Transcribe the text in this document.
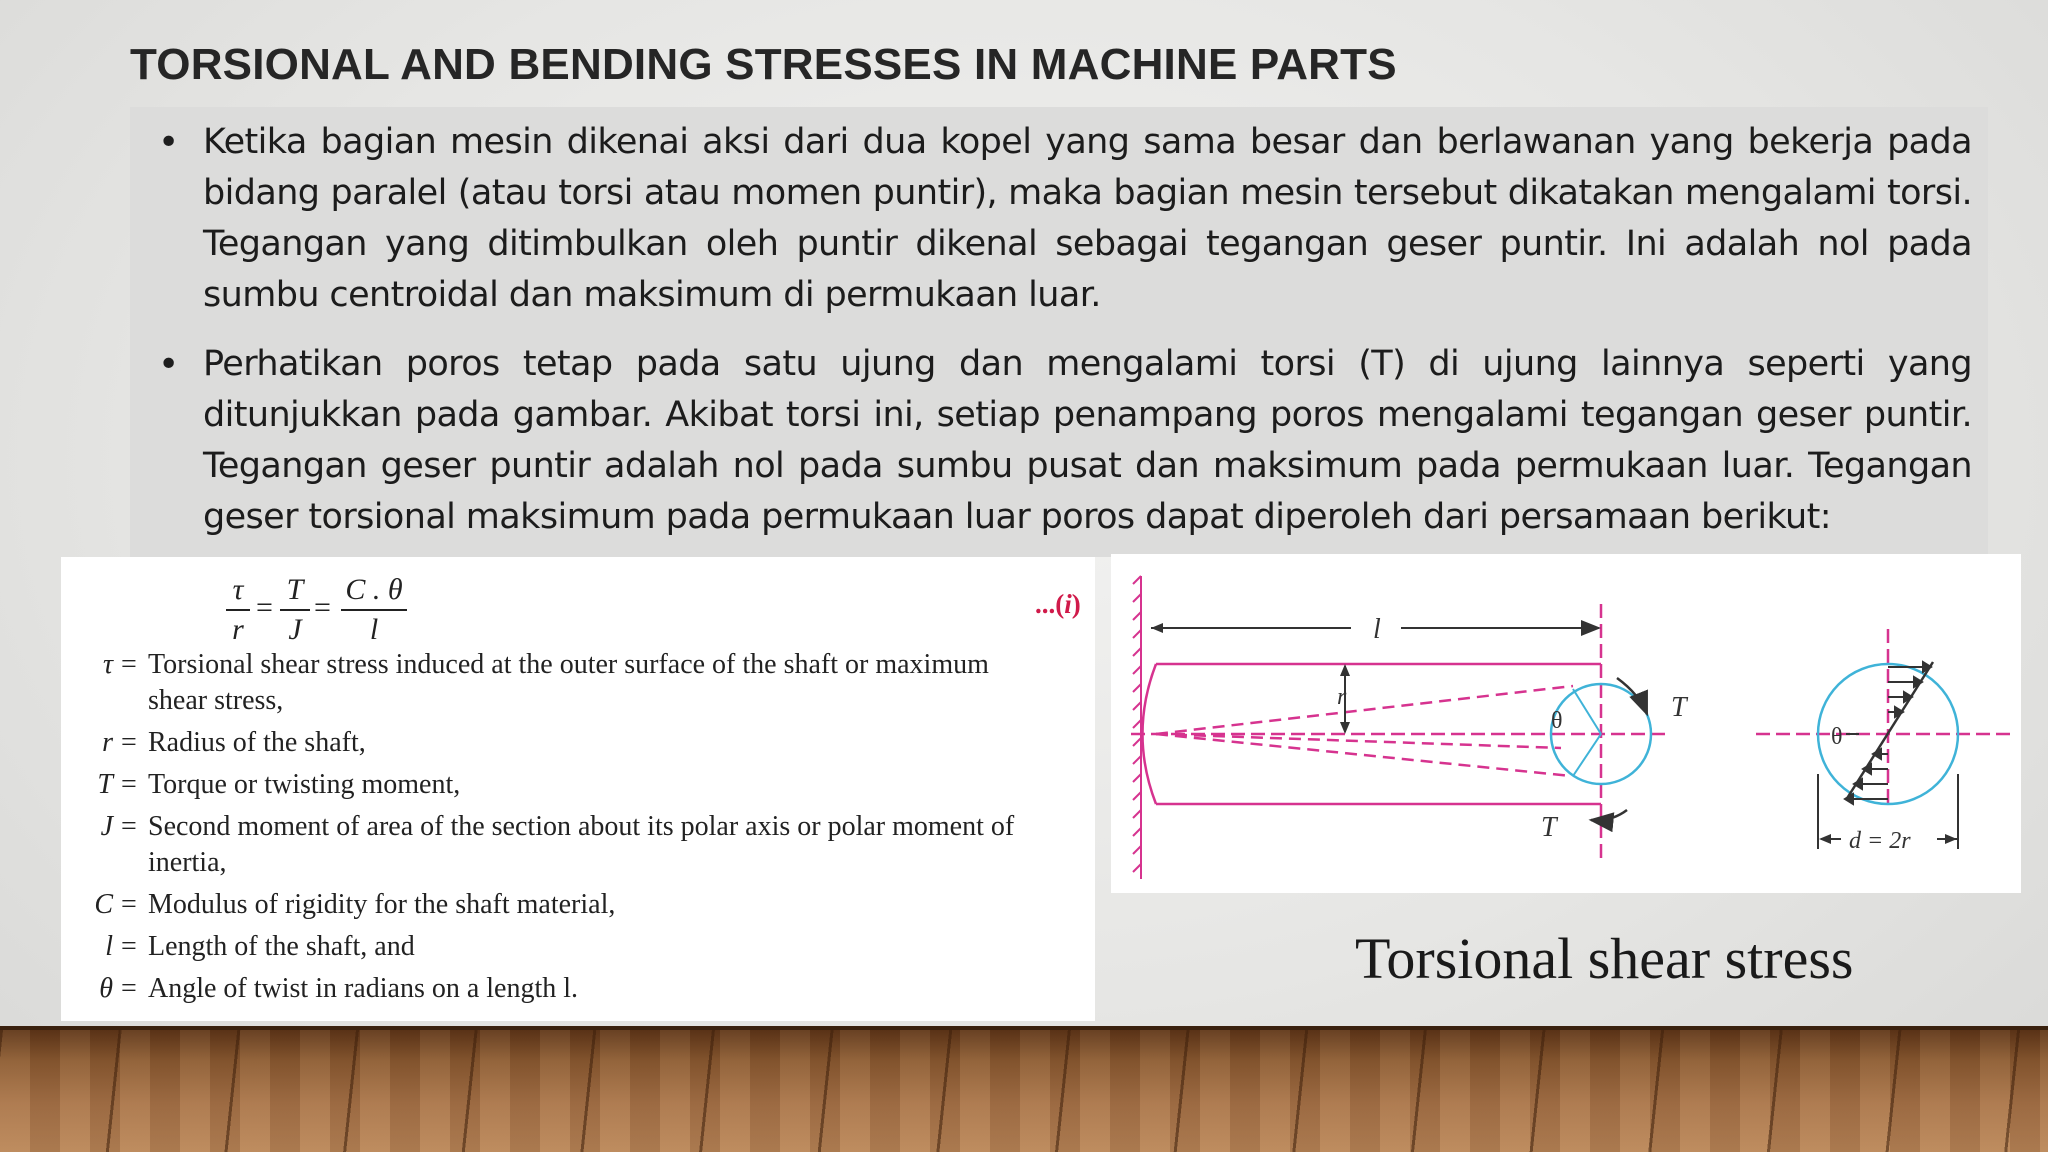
TORSIONAL AND BENDING STRESSES IN MACHINE PARTS
• Ketika bagian mesin dikenai aksi dari dua kopel yang sama besar dan berlawanan yang bekerja pada bidang paralel (atau torsi atau momen puntir), maka bagian mesin tersebut dikatakan mengalami torsi. Tegangan yang ditimbulkan oleh puntir dikenal sebagai tegangan geser puntir. Ini adalah nol pada sumbu centroidal dan maksimum di permukaan luar.
• Perhatikan poros tetap pada satu ujung dan mengalami torsi (T) di ujung lainnya seperti yang ditunjukkan pada gambar. Akibat torsi ini, setiap penampang poros mengalami tegangan geser puntir. Tegangan geser puntir adalah nol pada sumbu pusat dan maksimum pada permukaan luar. Tegangan geser torsional maksimum pada permukaan luar poros dapat diperoleh dari persamaan berikut:
τ
r
=
T
J
=
C . θ
l
...(i)
τ = Torsional shear stress induced at the outer surface of the shaft or maximum
shear stress,
r = Radius of the shaft,
T = Torque or twisting moment,
J = Second moment of area of the section about its polar axis or polar moment of
inertia,
C = Modulus of rigidity for the shaft material,
l = Length of the shaft, and
θ = Angle of twist in radians on a length l.
l
r
θ	T
T
θ
d = 2r
Torsional shear stress
